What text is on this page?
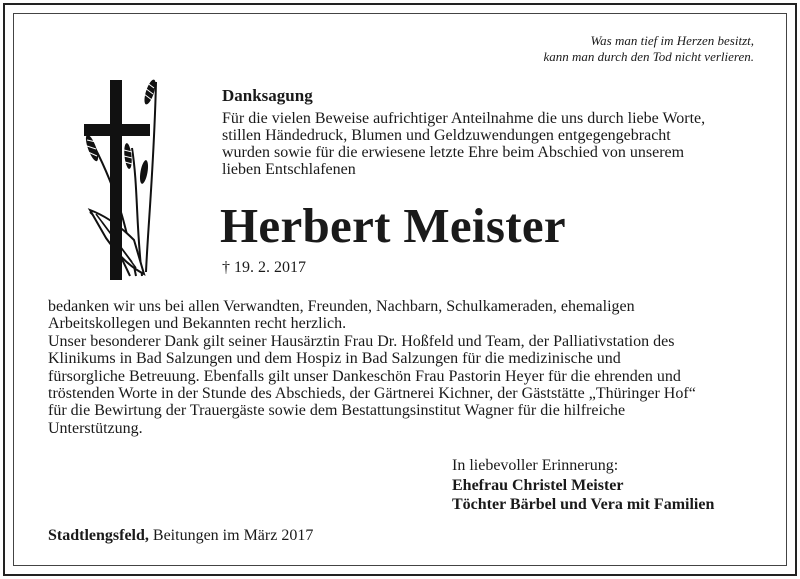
Was man tief im Herzen besitzt,
kann man durch den Tod nicht verlieren.
Danksagung
Für die vielen Beweise aufrichtiger Anteilnahme die uns durch liebe Worte,
stillen Händedruck, Blumen und Geldzuwendungen entgegengebracht
wurden sowie für die erwiesene letzte Ehre beim Abschied von unserem
lieben Entschlafenen
Herbert Meister
† 19. 2. 2017
bedanken wir uns bei allen Verwandten, Freunden, Nachbarn, Schulkameraden, ehemaligen
Arbeitskollegen und Bekannten recht herzlich.
Unser besonderer Dank gilt seiner Hausärztin Frau Dr. Hoßfeld und Team, der Palliativstation des
Klinikums in Bad Salzungen und dem Hospiz in Bad Salzungen für die medizinische und
fürsorgliche Betreuung. Ebenfalls gilt unser Dankeschön Frau Pastorin Heyer für die ehrenden und
tröstenden Worte in der Stunde des Abschieds, der Gärtnerei Kichner, der Gäststätte „Thüringer Hof“
für die Bewirtung der Trauergäste sowie dem Bestattungsinstitut Wagner für die hilfreiche
Unterstützung.
In liebevoller Erinnerung:
Ehefrau Christel Meister
Töchter Bärbel und Vera mit Familien
Stadtlengsfeld, Beitungen im März 2017
